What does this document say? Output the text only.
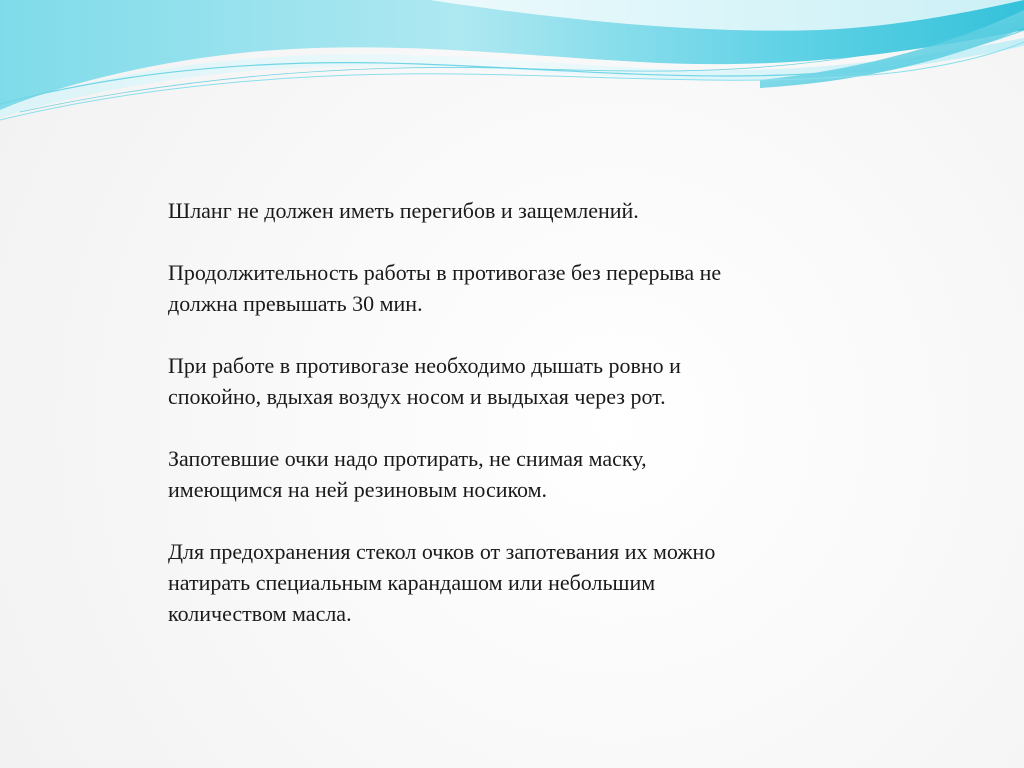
Шланг не должен иметь перегибов и защемлений.

Продолжительность работы в противогазе без перерыва не
должна превышать 30 мин.

При работе в противогазе необходимо дышать ровно и
спокойно, вдыхая воздух носом и выдыхая через рот.

Запотевшие очки надо протирать, не снимая маску,
имеющимся на ней резиновым носиком.

Для предохранения стекол очков от запотевания их можно
натирать специальным карандашом или небольшим
количеством масла.
